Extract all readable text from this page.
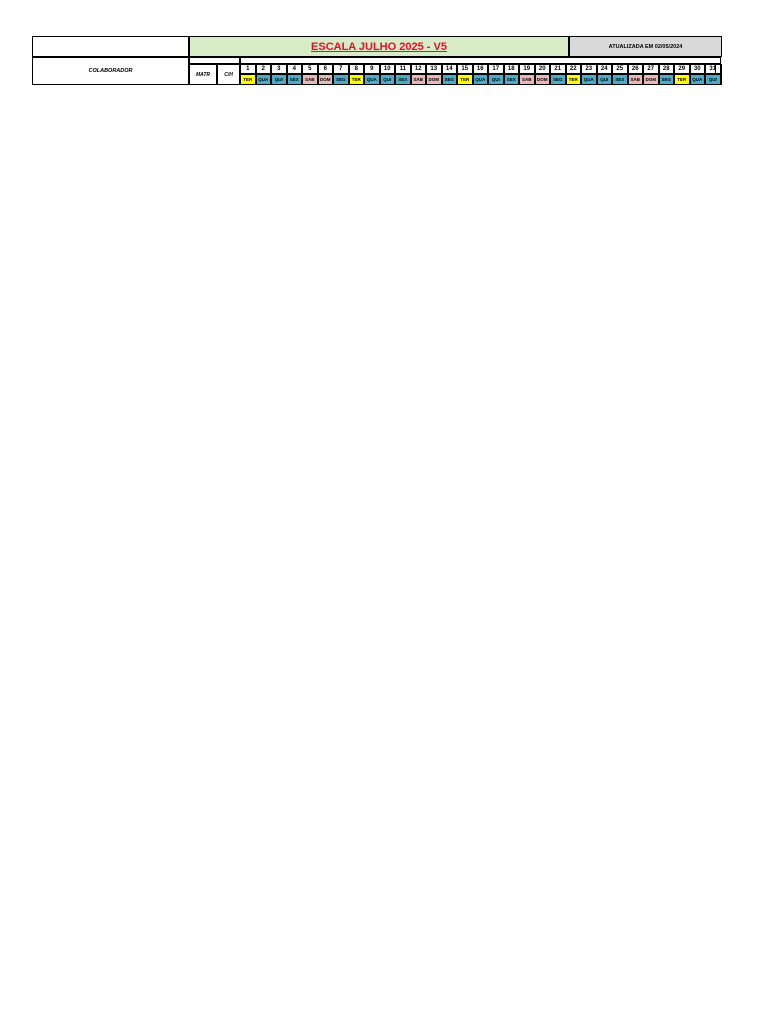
ESCALA JULHO 2025 - V5	ATUALIZADA EM 02/05/2024
COLABORADOR
MATR	C/H
1	2	3	4	5	6	7	8	9	10	11	12	13	14	15	16	17	18	19	20	21	22	23	24	25	26	27	28	29	30	31
TER	QUA	QUI	SEX	SÁB	DOM	SEG	TER	QUA	QUI	SEX	SÁB	DOM	SEG	TER	QUA	QUI	SEX	SÁB	DOM	SEG	TER	QUA	QUI	SEX	SÁB	DOM	SEG	TER	QUA	QUI
